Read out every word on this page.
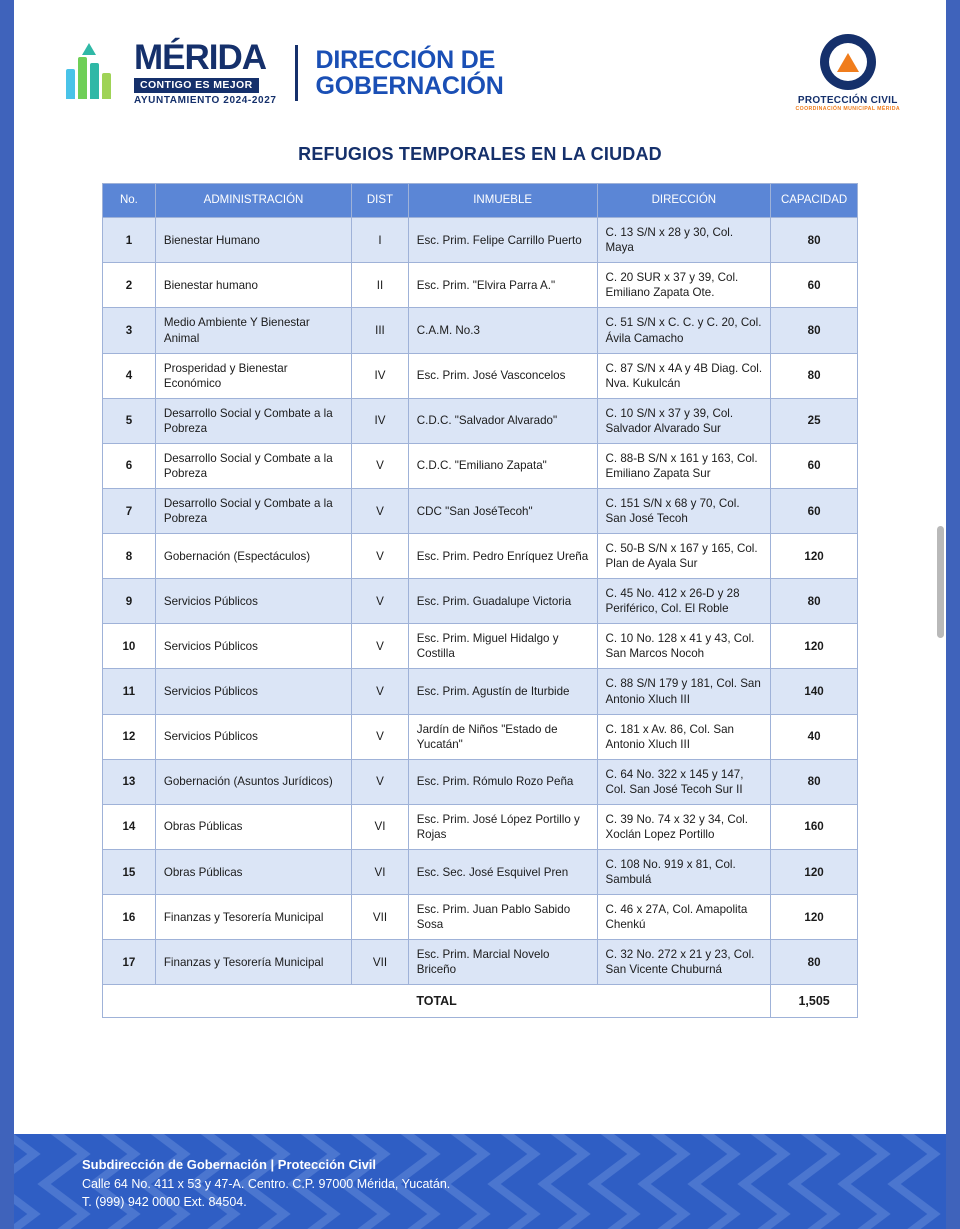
MÉRIDA
CONTIGO ES MEJOR
AYUNTAMIENTO 2024-2027
DIRECCIÓN DE
GOBERNACIÓN
PROTECCIÓN CIVIL
COORDINACIÓN MUNICIPAL MÉRIDA
REFUGIOS TEMPORALES EN LA CIUDAD
No.	ADMINISTRACIÓN	DIST	INMUEBLE	DIRECCIÓN	CAPACIDAD
1	Bienestar Humano	I	Esc. Prim. Felipe Carrillo Puerto	C. 13 S/N x 28 y 30, Col. Maya	80
2	Bienestar humano	II	Esc. Prim. "Elvira Parra A."	C. 20 SUR x 37 y 39, Col. Emiliano Zapata Ote.	60
3	Medio Ambiente Y Bienestar Animal	III	C.A.M. No.3	C. 51 S/N x C. C. y C. 20, Col. Ávila Camacho	80
4	Prosperidad y Bienestar Económico	IV	Esc. Prim. José Vasconcelos	C. 87 S/N x 4A y 4B Diag. Col. Nva. Kukulcán	80
5	Desarrollo Social y Combate a la Pobreza	IV	C.D.C. "Salvador Alvarado"	C. 10 S/N x 37 y 39, Col. Salvador Alvarado Sur	25
6	Desarrollo Social y Combate a la Pobreza	V	C.D.C. "Emiliano Zapata"	C. 88-B S/N x 161 y 163, Col. Emiliano Zapata Sur	60
7	Desarrollo Social y Combate a la Pobreza	V	CDC "San JoséTecoh"	C. 151 S/N x 68 y 70, Col. San José Tecoh	60
8	Gobernación (Espectáculos)	V	Esc. Prim. Pedro Enríquez Ureña	C. 50-B S/N x 167 y 165, Col. Plan de Ayala Sur	120
9	Servicios Públicos	V	Esc. Prim. Guadalupe Victoria	C. 45 No. 412 x 26-D y 28 Periférico, Col. El Roble	80
10	Servicios Públicos	V	Esc. Prim. Miguel Hidalgo y Costilla	C. 10 No. 128 x 41 y 43, Col. San Marcos Nocoh	120
11	Servicios Públicos	V	Esc. Prim. Agustín de Iturbide	C. 88 S/N 179 y 181, Col. San Antonio Xluch III	140
12	Servicios Públicos	V	Jardín de Niños "Estado de Yucatán"	C. 181 x Av. 86, Col. San Antonio Xluch III	40
13	Gobernación (Asuntos Jurídicos)	V	Esc. Prim. Rómulo Rozo Peña	C. 64 No. 322 x 145 y 147, Col. San José Tecoh Sur II	80
14	Obras Públicas	VI	Esc. Prim. José López Portillo y Rojas	C. 39 No. 74 x 32 y 34, Col. Xoclán Lopez Portillo	160
15	Obras Públicas	VI	Esc. Sec. José Esquivel Pren	C. 108 No. 919 x 81, Col. Sambulá	120
16	Finanzas y Tesorería Municipal	VII	Esc. Prim. Juan Pablo Sabido Sosa	C. 46 x 27A, Col. Amapolita Chenkú	120
17	Finanzas y Tesorería Municipal	VII	Esc. Prim. Marcial Novelo Briceño	C. 32 No. 272 x 21 y 23, Col. San Vicente Chuburná	80
TOTAL					1,505
Subdirección de Gobernación | Protección Civil
Calle 64 No. 411 x 53 y 47-A. Centro. C.P. 97000 Mérida, Yucatán.
T. (999) 942 0000 Ext. 84504.
